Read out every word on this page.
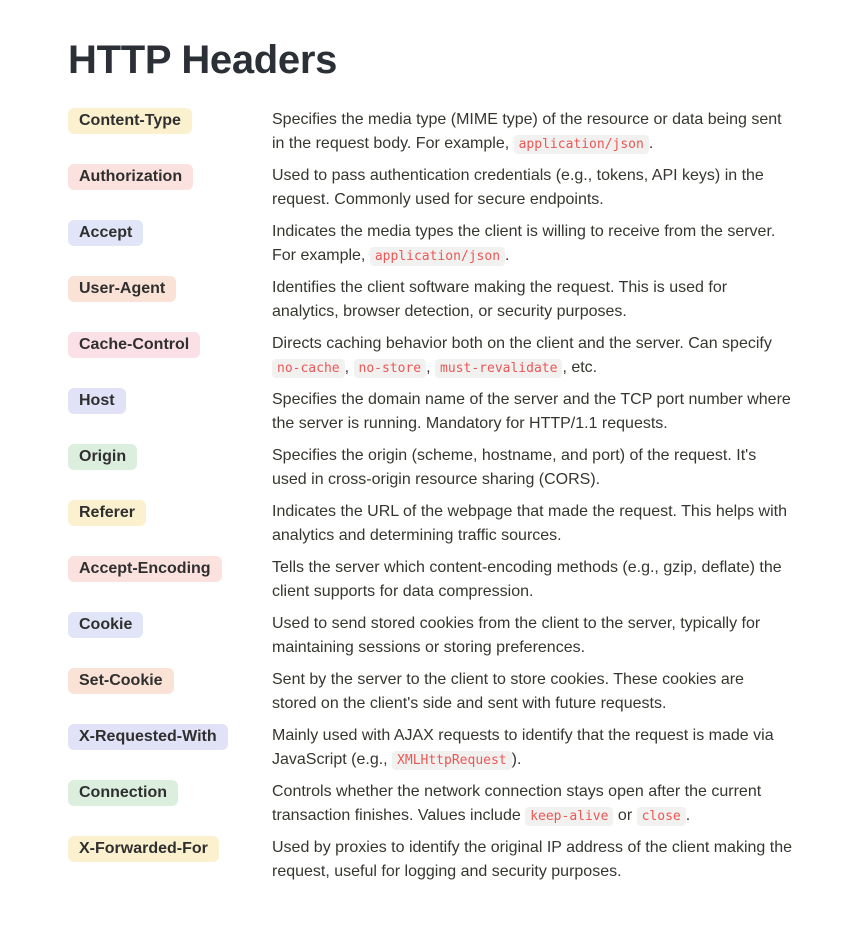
HTTP Headers
Content-Type	Specifies the media type (MIME type) of the resource or data being sent in the request body. For example, application/json .
Authorization	Used to pass authentication credentials (e.g., tokens, API keys) in the request. Commonly used for secure endpoints.
Accept	Indicates the media types the client is willing to receive from the server. For example, application/json .
User-Agent	Identifies the client software making the request. This is used for analytics, browser detection, or security purposes.
Cache-Control	Directs caching behavior both on the client and the server. Can specify no-cache , no-store , must-revalidate , etc.
Host	Specifies the domain name of the server and the TCP port number where the server is running. Mandatory for HTTP/1.1 requests.
Origin	Specifies the origin (scheme, hostname, and port) of the request. It's used in cross-origin resource sharing (CORS).
Referer	Indicates the URL of the webpage that made the request. This helps with analytics and determining traffic sources.
Accept-Encoding	Tells the server which content-encoding methods (e.g., gzip, deflate) the client supports for data compression.
Cookie	Used to send stored cookies from the client to the server, typically for maintaining sessions or storing preferences.
Set-Cookie	Sent by the server to the client to store cookies. These cookies are stored on the client's side and sent with future requests.
X-Requested-With	Mainly used with AJAX requests to identify that the request is made via JavaScript (e.g., XMLHttpRequest ).
Connection	Controls whether the network connection stays open after the current transaction finishes. Values include keep-alive or close .
X-Forwarded-For	Used by proxies to identify the original IP address of the client making the request, useful for logging and security purposes.
